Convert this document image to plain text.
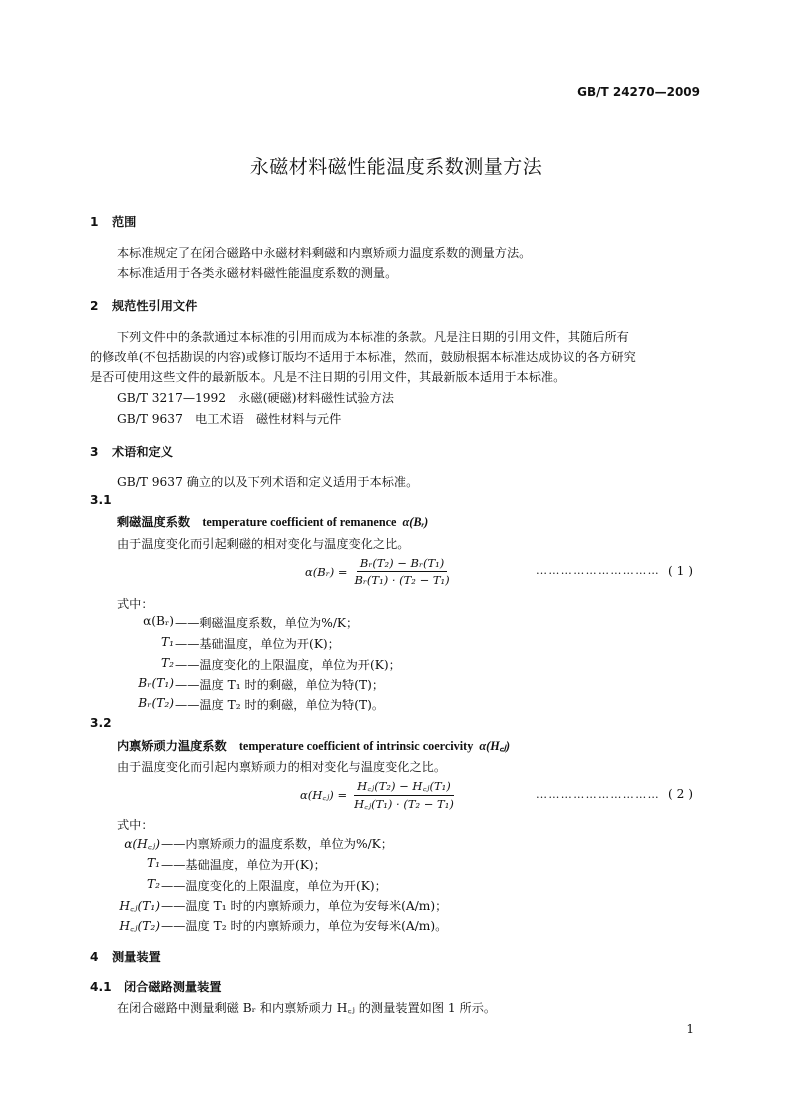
GB/T 24270—2009
永磁材料磁性能温度系数测量方法
1 范围
本标准规定了在闭合磁路中永磁材料剩磁和内禀矫顽力温度系数的测量方法。
本标准适用于各类永磁材料磁性能温度系数的测量。
2 规范性引用文件
下列文件中的条款通过本标准的引用而成为本标准的条款。凡是注日期的引用文件，其随后所有
的修改单(不包括勘误的内容)或修订版均不适用于本标准，然而，鼓励根据本标准达成协议的各方研究
是否可使用这些文件的最新版本。凡是不注日期的引用文件，其最新版本适用于本标准。
GB/T 3217—1992　永磁(硬磁)材料磁性试验方法
GB/T 9637　电工术语　磁性材料与元件
3 术语和定义
GB/T 9637 确立的以及下列术语和定义适用于本标准。
3.1
剩磁温度系数  temperature coefficient of remanence  α(Bᵣ)
由于温度变化而引起剩磁的相对变化与温度变化之比。
α(Bᵣ) = $\frac{\text{Bᵣ(T₂) − Bᵣ(T₁)}}{\text{Bᵣ(T₁) · (T₂ − T₁)}}$	………………………… ( 1 )
式中：
α(Bᵣ) ——剩磁温度系数，单位为%/K；
T₁ ——基础温度，单位为开(K)；
T₂ ——温度变化的上限温度，单位为开(K)；
Bᵣ(T₁) ——温度 T₁ 时的剩磁，单位为特(T)；
Bᵣ(T₂) ——温度 T₂ 时的剩磁，单位为特(T)。
3.2
内禀矫顽力温度系数  temperature coefficient of intrinsic coercivity  α(H꜀ⱼ)
由于温度变化而引起内禀矫顽力的相对变化与温度变化之比。
α(H꜀ⱼ) = $\frac{\text{H꜀ⱼ(T₂) − H꜀ⱼ(T₁)}}{\text{H꜀ⱼ(T₁) · (T₂ − T₁)}}$	………………………… ( 2 )
式中：
α(H꜀ⱼ) ——内禀矫顽力的温度系数，单位为%/K；
T₁ ——基础温度，单位为开(K)；
T₂ ——温度变化的上限温度，单位为开(K)；
H꜀ⱼ(T₁) ——温度 T₁ 时的内禀矫顽力，单位为安每米(A/m)；
H꜀ⱼ(T₂) ——温度 T₂ 时的内禀矫顽力，单位为安每米(A/m)。
4 测量装置
4.1 闭合磁路测量装置
在闭合磁路中测量剩磁 Bᵣ 和内禀矫顽力 H꜀ⱼ 的测量装置如图 1 所示。
1
